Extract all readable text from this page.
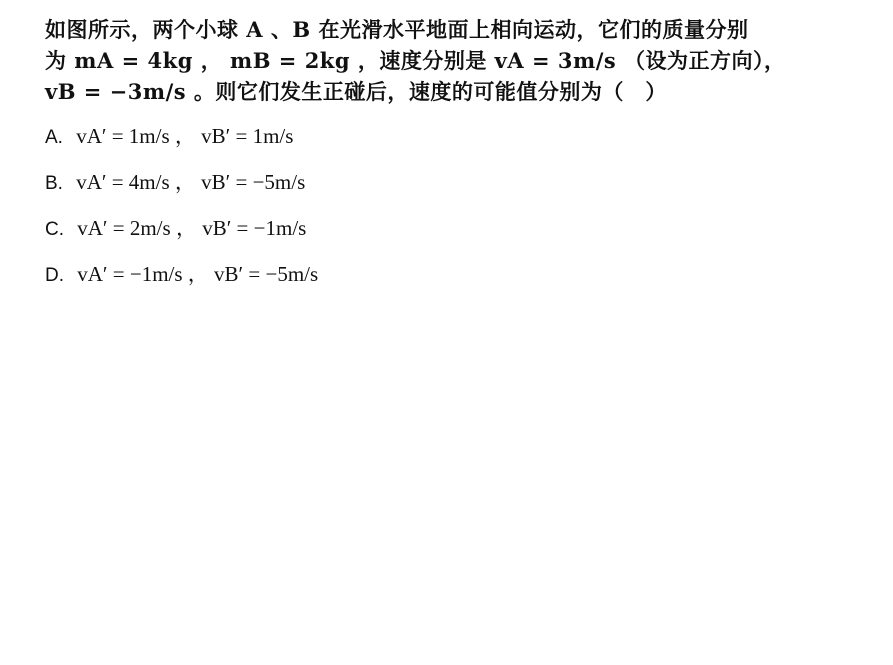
如图所示，两个小球 A 、B 在光滑水平地面上相向运动，它们的质量分别
为 mA = 4kg ， mB = 2kg ，速度分别是 vA = 3m/s （设为正方向），
vB = −3m/s 。则它们发生正碰后，速度的可能值分别为（　）
A. vA′ = 1m/s ， vB′ = 1m/s
B. vA′ = 4m/s ， vB′ = −5m/s
C. vA′ = 2m/s ， vB′ = −1m/s
D. vA′ = −1m/s ， vB′ = −5m/s
